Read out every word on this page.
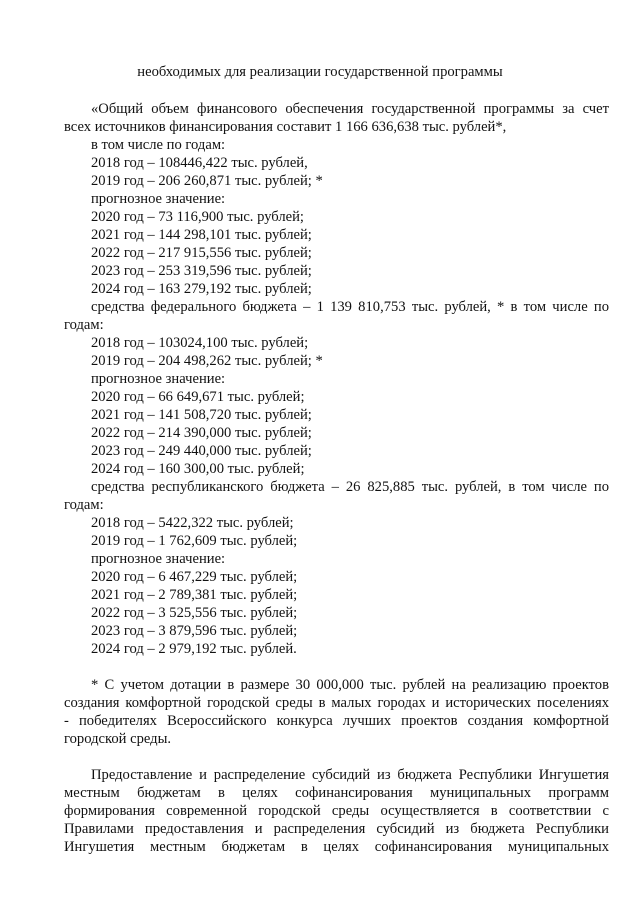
необходимых для реализации государственной программы
«Общий объем финансового обеспечения государственной программы за счет
всех источников финансирования составит 1 166 636,638 тыс. рублей*,
в том числе по годам:
2018 год – 108446,422 тыс. рублей,
2019 год – 206 260,871 тыс. рублей; *
прогнозное значение:
2020 год – 73 116,900 тыс. рублей;
2021 год – 144 298,101 тыс. рублей;
2022 год – 217 915,556 тыс. рублей;
2023 год – 253 319,596 тыс. рублей;
2024 год – 163 279,192 тыс. рублей;
средства федерального бюджета – 1 139 810,753 тыс. рублей, * в том числе по
годам:
2018 год – 103024,100 тыс. рублей;
2019 год – 204 498,262 тыс. рублей; *
прогнозное значение:
2020 год – 66 649,671 тыс. рублей;
2021 год – 141 508,720 тыс. рублей;
2022 год – 214 390,000 тыс. рублей;
2023 год – 249 440,000 тыс. рублей;
2024 год – 160 300,00 тыс. рублей;
средства республиканского бюджета – 26 825,885 тыс. рублей, в том числе по
годам:
2018 год – 5422,322 тыс. рублей;
2019 год – 1 762,609 тыс. рублей;
прогнозное значение:
2020 год – 6 467,229 тыс. рублей;
2021 год – 2 789,381 тыс. рублей;
2022 год – 3 525,556 тыс. рублей;
2023 год – 3 879,596 тыс. рублей;
2024 год – 2 979,192 тыс. рублей.
* С учетом дотации в размере 30 000,000 тыс. рублей на реализацию проектов
создания комфортной городской среды в малых городах и исторических поселениях
- победителях Всероссийского конкурса лучших проектов создания комфортной
городской среды.
Предоставление и распределение субсидий из бюджета Республики Ингушетия
местным бюджетам в целях софинансирования муниципальных программ
формирования современной городской среды осуществляется в соответствии с
Правилами предоставления и распределения субсидий из бюджета Республики
Ингушетия местным бюджетам в целях софинансирования муниципальных
